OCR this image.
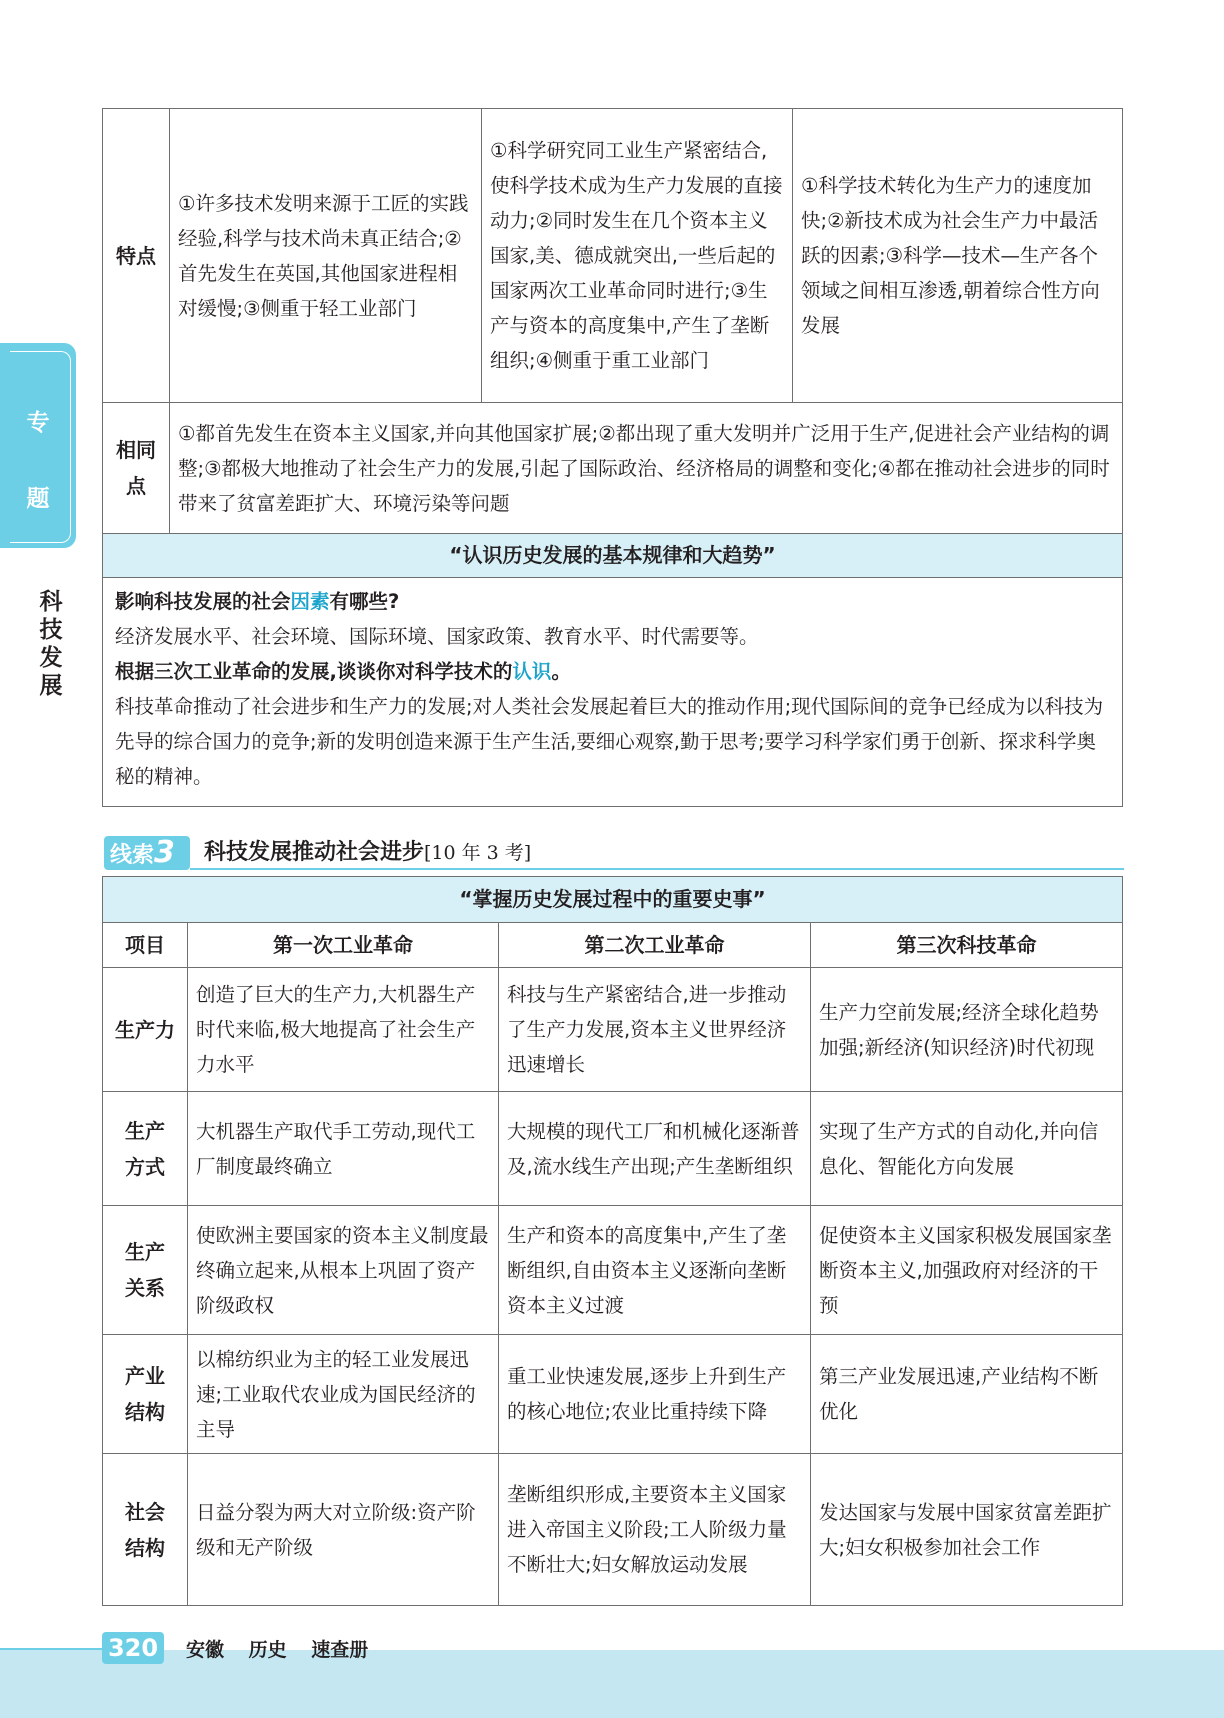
专
题
科
技
发
展
特点	①许多技术发明来源于工匠的实践经验,科学与技术尚未真正结合;②首先发生在英国,其他国家进程相对缓慢;③侧重于轻工业部门	①科学研究同工业生产紧密结合,使科学技术成为生产力发展的直接动力;②同时发生在几个资本主义国家,美、德成就突出,一些后起的国家两次工业革命同时进行;③生产与资本的高度集中,产生了垄断组织;④侧重于重工业部门	①科学技术转化为生产力的速度加快;②新技术成为社会生产力中最活跃的因素;③科学—技术—生产各个领域之间相互渗透,朝着综合性方向发展

相同点	①都首先发生在资本主义国家,并向其他国家扩展;②都出现了重大发明并广泛用于生产,促进社会产业结构的调整;③都极大地推动了社会生产力的发展,引起了国际政治、经济格局的调整和变化;④都在推动社会进步的同时带来了贫富差距扩大、环境污染等问题		
“认识历史发展的基本规律和大趋势”			

影响科技发展的社会因素有哪些?
经济发展水平、社会环境、国际环境、国家政策、教育水平、时代需要等。
根据三次工业革命的发展,谈谈你对科学技术的认识。
科技革命推动了社会进步和生产力的发展;对人类社会发展起着巨大的推动作用;现代国际间的竞争已经成为以科技为先导的综合国力的竞争;新的发明创造来源于生产生活,要细心观察,勤于思考;要学习科学家们勇于创新、探求科学奥秘的精神。			
线索3	科技发展推动社会进步[10 年 3 考]
“掌握历史发展过程中的重要史事”			
项目	第一次工业革命	第二次工业革命	第三次科技革命
生产力	创造了巨大的生产力,大机器生产时代来临,极大地提高了社会生产力水平	科技与生产紧密结合,进一步推动了生产力发展,资本主义世界经济迅速增长	生产力空前发展;经济全球化趋势加强;新经济(知识经济)时代初现

生产方式	大机器生产取代手工劳动,现代工厂制度最终确立	大规模的现代工厂和机械化逐渐普及,流水线生产出现;产生垄断组织	实现了生产方式的自动化,并向信息化、智能化方向发展

生产关系	使欧洲主要国家的资本主义制度最终确立起来,从根本上巩固了资产阶级政权	生产和资本的高度集中,产生了垄断组织,自由资本主义逐渐向垄断资本主义过渡	促使资本主义国家积极发展国家垄断资本主义,加强政府对经济的干预

产业结构	以棉纺织业为主的轻工业发展迅速;工业取代农业成为国民经济的主导	重工业快速发展,逐步上升到生产的核心地位;农业比重持续下降	第三产业发展迅速,产业结构不断优化

社会结构	日益分裂为两大对立阶级:资产阶级和无产阶级	垄断组织形成,主要资本主义国家进入帝国主义阶段;工人阶级力量不断壮大;妇女解放运动发展	发达国家与发展中国家贫富差距扩大;妇女积极参加社会工作
320	安徽 历史 速查册
